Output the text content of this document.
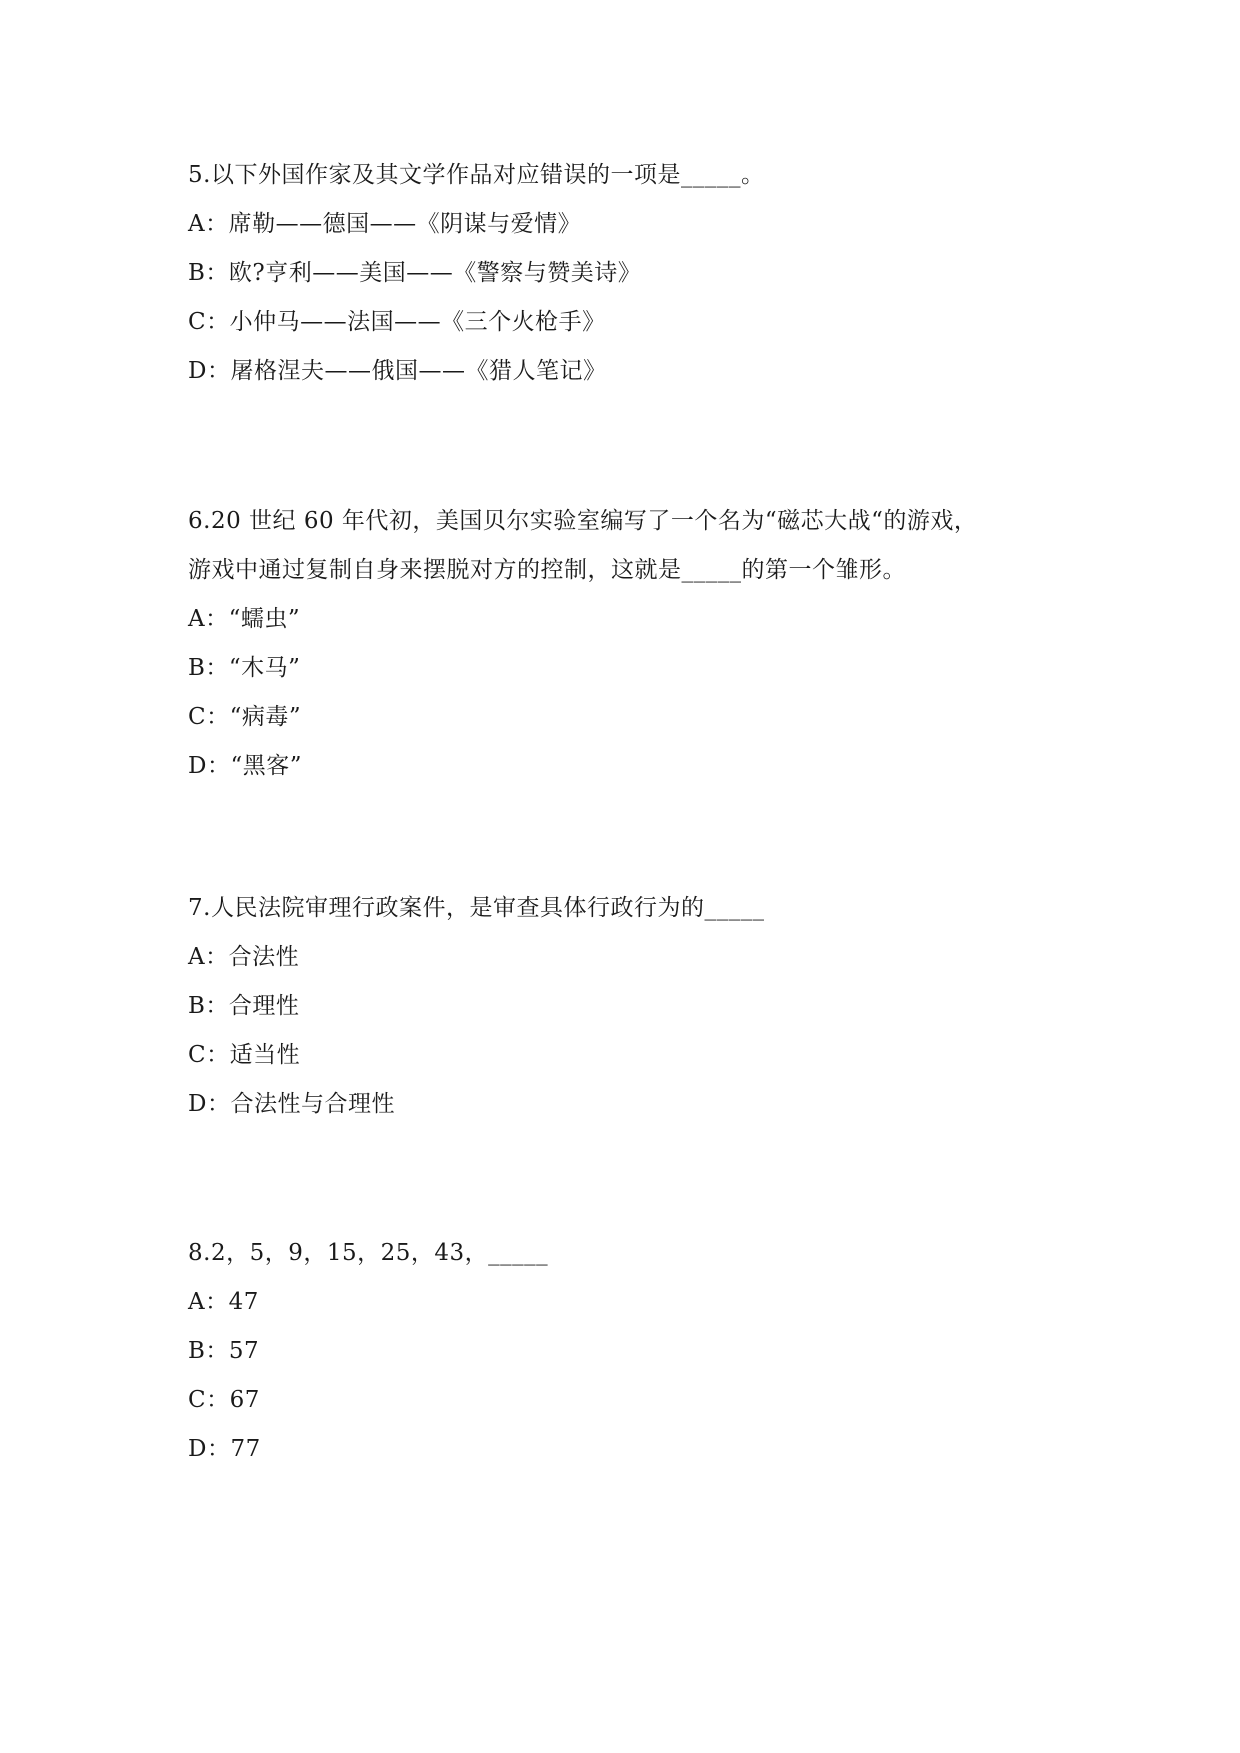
5.以下外国作家及其文学作品对应错误的一项是_____。

A：席勒——德国——《阴谋与爱情》

B：欧?亨利——美国——《警察与赞美诗》

C：小仲马——法国——《三个火枪手》

D：屠格涅夫——俄国——《猎人笔记》

6.20 世纪 60 年代初，美国贝尔实验室编写了一个名为“磁芯大战“的游戏，

游戏中通过复制自身来摆脱对方的控制，这就是_____的第一个雏形。

A：“蠕虫”

B：“木马”

C：“病毒”

D：“黑客”

7.人民法院审理行政案件，是审查具体行政行为的_____

A：合法性

B：合理性

C：适当性

D：合法性与合理性

8.2，5，9，15，25，43，_____

A：47

B：57

C：67

D：77
